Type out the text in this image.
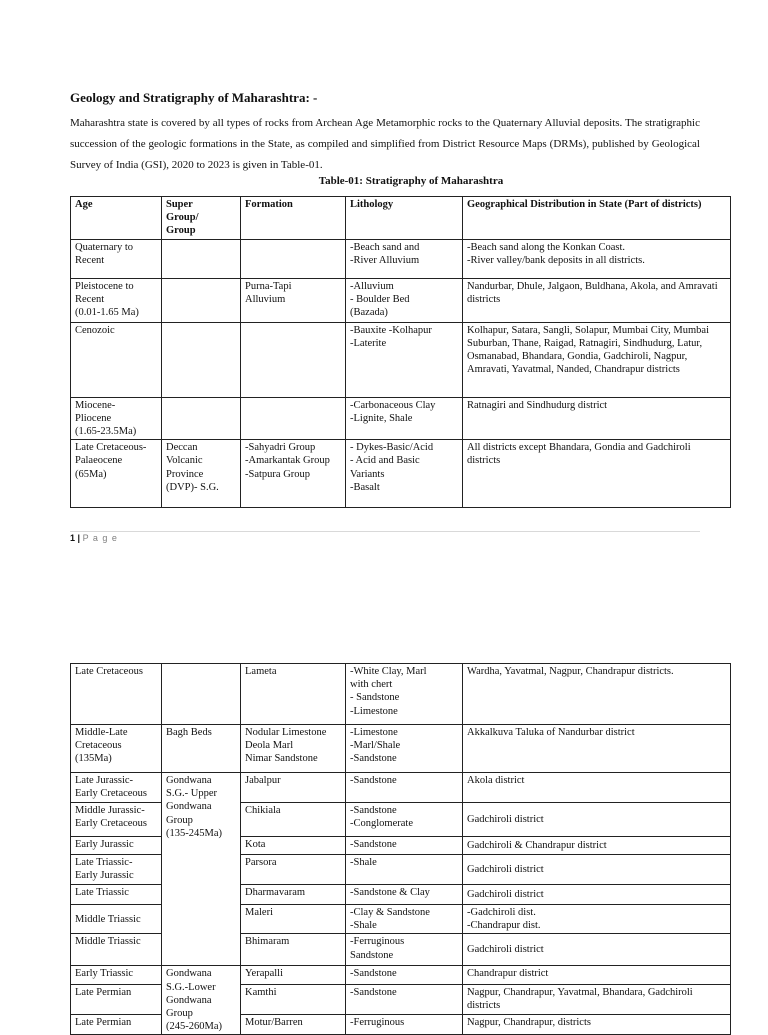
Geology and Stratigraphy of Maharashtra: -

Maharashtra state is covered by all types of rocks from Archean Age Metamorphic rocks to the Quaternary Alluvial deposits. The stratigraphic succession of the geologic formations in the State, as compiled and simplified from District Resource Maps (DRMs), published by Geological Survey of India (GSI), 2020 to 2023 is given in Table-01.

Table-01: Stratigraphy of Maharashtra
Age	Super
Group/
Group	Formation	Lithology	Geographical Distribution in State (Part of districts)
Quaternary to
Recent			-Beach sand and
-River Alluvium	-Beach sand along the Konkan Coast.
-River valley/bank deposits in all districts.
Pleistocene to
Recent
(0.01-1.65 Ma)		Purna-Tapi
Alluvium	-Alluvium
- Boulder Bed
(Bazada)	Nandurbar, Dhule, Jalgaon, Buldhana, Akola, and Amravati districts
Cenozoic			-Bauxite -Kolhapur
-Laterite	Kolhapur, Satara, Sangli, Solapur, Mumbai City, Mumbai Suburban, Thane, Raigad, Ratnagiri, Sindhudurg, Latur, Osmanabad, Bhandara, Gondia, Gadchiroli, Nagpur, Amravati, Yavatmal, Nanded, Chandrapur districts
Miocene-
Pliocene
(1.65-23.5Ma)			-Carbonaceous Clay
-Lignite, Shale	Ratnagiri and Sindhudurg district
Late Cretaceous-
Palaeocene
(65Ma)	Deccan
Volcanic
Province
(DVP)- S.G.	-Sahyadri Group
-Amarkantak Group
-Satpura Group	- Dykes-Basic/Acid
- Acid and Basic
Variants
-Basalt	All districts except Bhandara, Gondia and Gadchiroli districts
1 | P a g e
Late Cretaceous		Lameta	-White Clay, Marl
with chert
- Sandstone
-Limestone	Wardha, Yavatmal, Nagpur, Chandrapur districts.
Middle-Late
Cretaceous
(135Ma)	Bagh Beds	Nodular Limestone
Deola Marl
Nimar Sandstone	-Limestone
-Marl/Shale
-Sandstone	Akkalkuva Taluka of Nandurbar district
Late Jurassic-
Early Cretaceous	Gondwana
S.G.- Upper
Gondwana
Group
(135-245Ma)	Jabalpur	-Sandstone	Akola district
Middle Jurassic-
Early Cretaceous		Chikiala	-Sandstone
-Conglomerate	Gadchiroli district
Early Jurassic		Kota	-Sandstone	Gadchiroli & Chandrapur district
Late Triassic-
Early Jurassic		Parsora	-Shale	Gadchiroli district
Late Triassic		Dharmavaram	-Sandstone & Clay	Gadchiroli district
Middle Triassic		Maleri	-Clay & Sandstone
-Shale	-Gadchiroli dist.
-Chandrapur dist.
Middle Triassic		Bhimaram	-Ferruginous
Sandstone	Gadchiroli district
Early Triassic	Gondwana
S.G.-Lower
Gondwana
Group
(245-260Ma)	Yerapalli	-Sandstone	Chandrapur district
Late Permian		Kamthi	-Sandstone	Nagpur, Chandrapur, Yavatmal, Bhandara, Gadchiroli districts
Late Permian		Motur/Barren	-Ferruginous	Nagpur, Chandrapur, districts
